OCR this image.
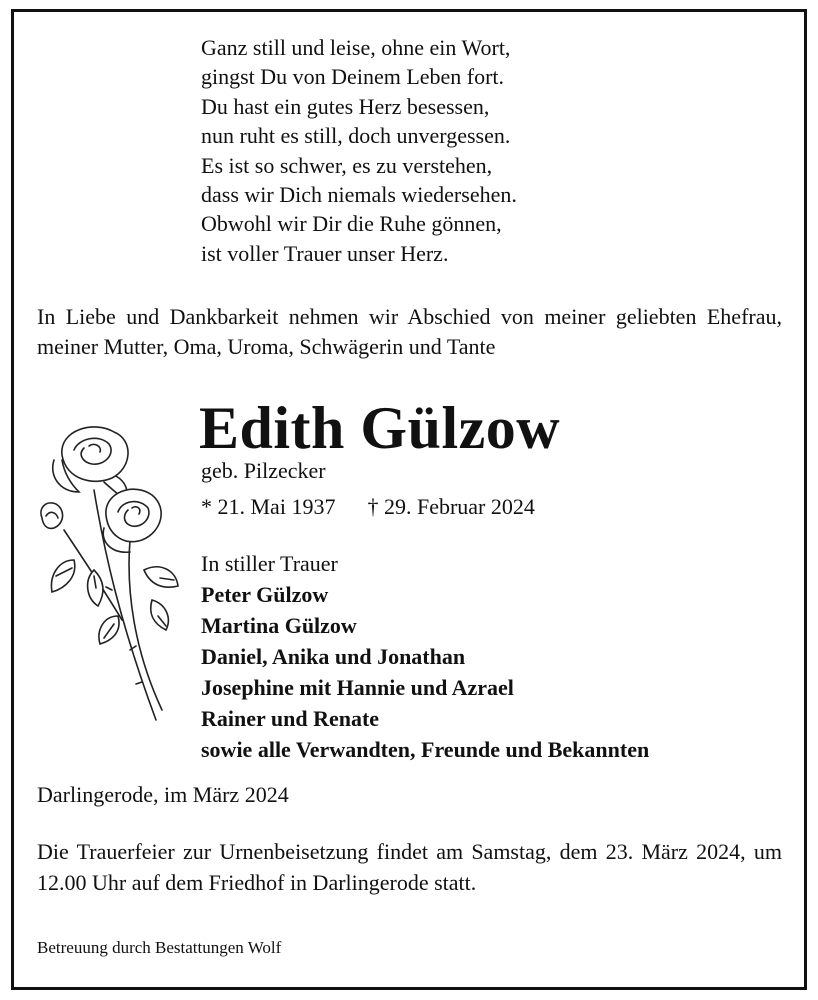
Ganz still und leise, ohne ein Wort,
gingst Du von Deinem Leben fort.
Du hast ein gutes Herz besessen,
nun ruht es still, doch unvergessen.
Es ist so schwer, es zu verstehen,
dass wir Dich niemals wiedersehen.
Obwohl wir Dir die Ruhe gönnen,
ist voller Trauer unser Herz.
In Liebe und Dankbarkeit nehmen wir Abschied von meiner geliebten Ehefrau, meiner Mutter, Oma, Uroma, Schwägerin und Tante
Edith Gülzow
geb. Pilzecker
* 21. Mai 1937 † 29. Februar 2024
In stiller Trauer
Peter Gülzow
Martina Gülzow
Daniel, Anika und Jonathan
Josephine mit Hannie und Azrael
Rainer und Renate
sowie alle Verwandten, Freunde und Bekannten
Darlingerode, im März 2024
Die Trauerfeier zur Urnenbeisetzung findet am Samstag, dem 23. März 2024, um 12.00 Uhr auf dem Friedhof in Darlingerode statt.
Betreuung durch Bestattungen Wolf
